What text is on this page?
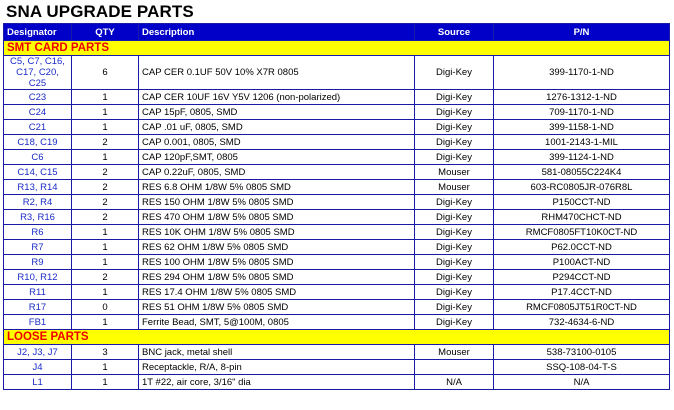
SNA UPGRADE PARTS
Designator	QTY	Description	Source	P/N
SMT CARD PARTS				
C5, C7, C16, C17, C20, C25	6	CAP CER 0.1UF 50V 10% X7R 0805	Digi-Key	399-1170-1-ND
C23	1	CAP CER 10UF 16V Y5V 1206 (non-polarized)	Digi-Key	1276-1312-1-ND
C24	1	CAP 15pF, 0805, SMD	Digi-Key	709-1170-1-ND
C21	1	CAP .01 uF, 0805, SMD	Digi-Key	399-1158-1-ND
C18, C19	2	CAP 0.001, 0805, SMD	Digi-Key	1001-2143-1-MIL
C6	1	CAP 120pF,SMT, 0805	Digi-Key	399-1124-1-ND
C14, C15	2	CAP 0.22uF, 0805, SMD	Mouser	581-08055C224K4
R13, R14	2	RES 6.8 OHM 1/8W 5% 0805 SMD	Mouser	603-RC0805JR-076R8L
R2, R4	2	RES 150 OHM 1/8W 5% 0805 SMD	Digi-Key	P150CCT-ND
R3, R16	2	RES 470 OHM 1/8W 5% 0805 SMD	Digi-Key	RHM470CHCT-ND
R6	1	RES 10K OHM 1/8W 5% 0805 SMD	Digi-Key	RMCF0805FT10K0CT-ND
R7	1	RES 62 OHM 1/8W 5% 0805 SMD	Digi-Key	P62.0CCT-ND
R9	1	RES 100 OHM 1/8W 5% 0805 SMD	Digi-Key	P100ACT-ND
R10, R12	2	RES 294 OHM 1/8W 5% 0805 SMD	Digi-Key	P294CCT-ND
R11	1	RES 17.4 OHM 1/8W 5% 0805 SMD	Digi-Key	P17.4CCT-ND
R17	0	RES 51 OHM 1/8W 5% 0805 SMD	Digi-Key	RMCF0805JT51R0CT-ND
FB1	1	Ferrite Bead, SMT, 5@100M, 0805	Digi-Key	732-4634-6-ND
LOOSE PARTS				
J2, J3, J7	3	BNC jack, metal shell	Mouser	538-73100-0105
J4	1	Receptackle, R/A, 8-pin		SSQ-108-04-T-S
L1	1	1T #22, air core, 3/16" dia	N/A	N/A
